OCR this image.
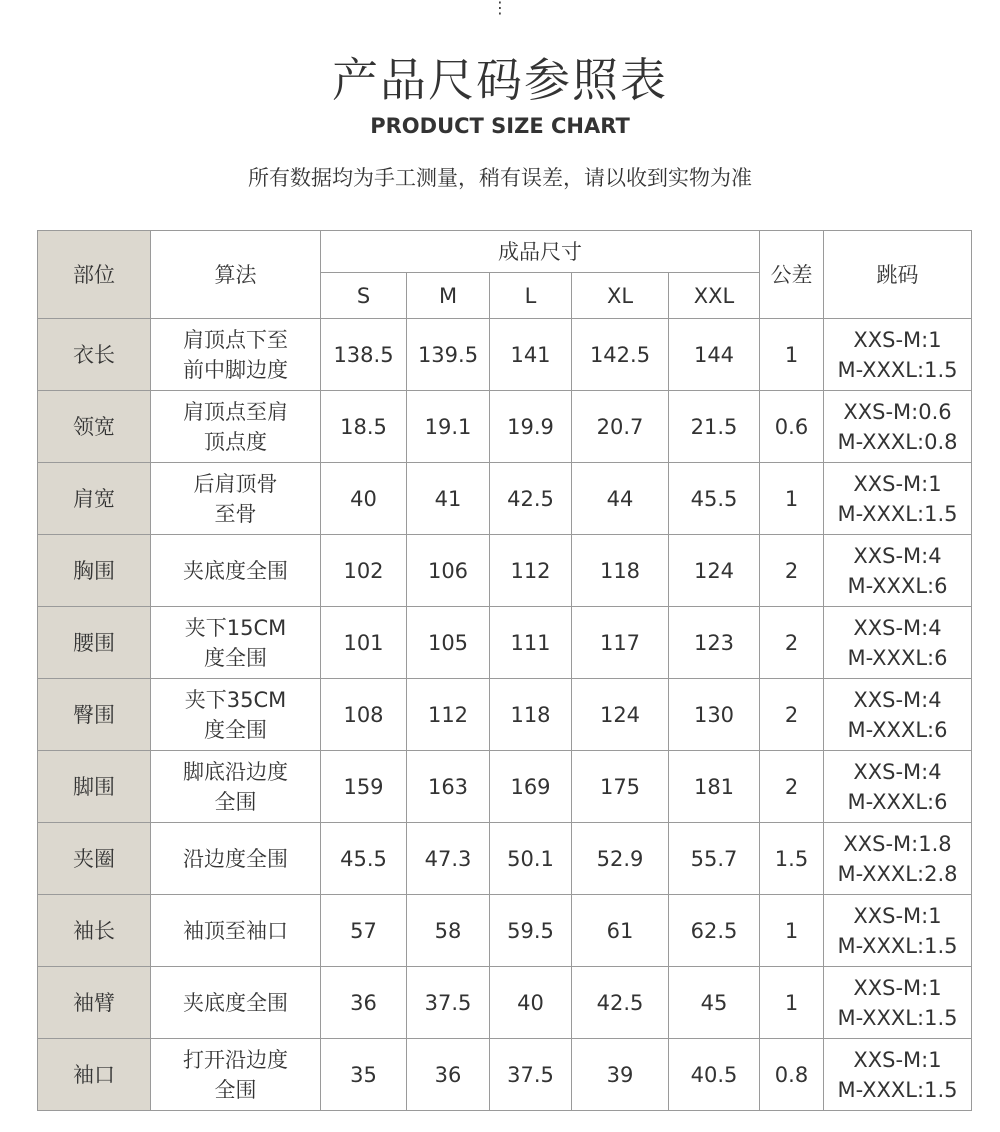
⋮
产品尺码参照表
PRODUCT SIZE CHART
所有数据均为手工测量，稍有误差，请以收到实物为准
部位	算法	成品尺寸					公差	跳码
		S	M	L	XL	XXL		

衣长	肩顶点下至
前中脚边度	138.5	139.5	141	142.5	144	1	XXS-M:1
M-XXXL:1.5

领宽	肩顶点至肩
顶点度	18.5	19.1	19.9	20.7	21.5	0.6	XXS-M:0.6
M-XXXL:0.8

肩宽	后肩顶骨
至骨	40	41	42.5	44	45.5	1	XXS-M:1
M-XXXL:1.5

胸围	夹底度全围	102	106	112	118	124	2	XXS-M:4
M-XXXL:6

腰围	夹下15CM
度全围	101	105	111	117	123	2	XXS-M:4
M-XXXL:6

臀围	夹下35CM
度全围	108	112	118	124	130	2	XXS-M:4
M-XXXL:6

脚围	脚底沿边度
全围	159	163	169	175	181	2	XXS-M:4
M-XXXL:6

夹圈	沿边度全围	45.5	47.3	50.1	52.9	55.7	1.5	XXS-M:1.8
M-XXXL:2.8

袖长	袖顶至袖口	57	58	59.5	61	62.5	1	XXS-M:1
M-XXXL:1.5

袖臂	夹底度全围	36	37.5	40	42.5	45	1	XXS-M:1
M-XXXL:1.5

袖口	打开沿边度
全围	35	36	37.5	39	40.5	0.8	XXS-M:1
M-XXXL:1.5
